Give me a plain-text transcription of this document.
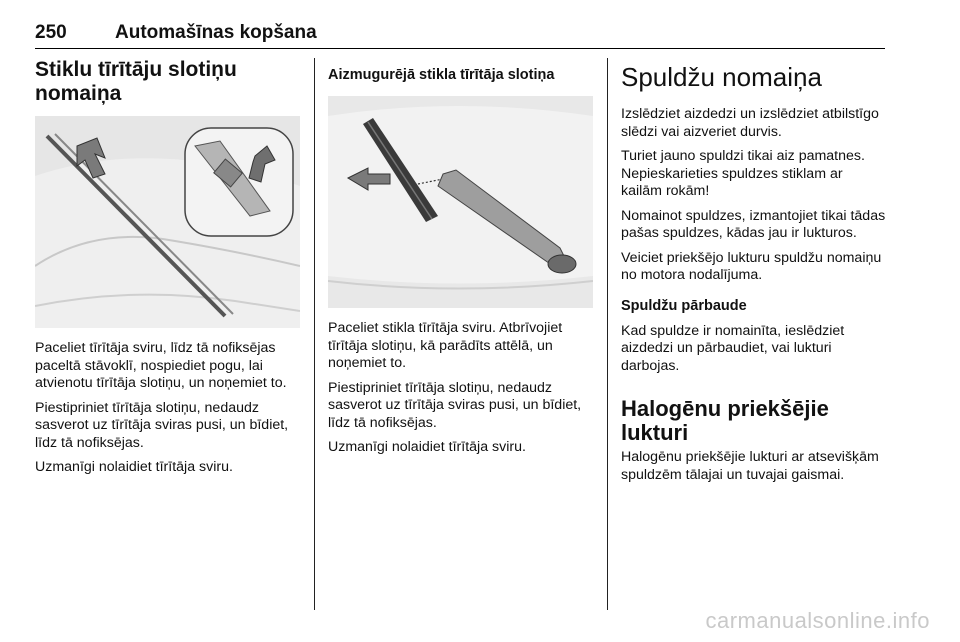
250	Automašīnas kopšana
Stiklu tīrītāju slotiņu nomaiņa

Paceliet tīrītāja sviru, līdz tā nofiksējas paceltā stāvoklī, nospiediet pogu, lai atvienotu tīrītāja slotiņu, un noņemiet to.

Piestipriniet tīrītāja slotiņu, nedaudz sasverot uz tīrītāja sviras pusi, un bīdiet, līdz tā nofiksējas.

Uzmanīgi nolaidiet tīrītāja sviru.

Aizmugurējā stikla tīrītāja slotiņa

Paceliet stikla tīrītāja sviru. Atbrīvojiet tīrītāja slotiņu, kā parādīts attēlā, un noņemiet to.

Piestipriniet tīrītāja slotiņu, nedaudz sasverot uz tīrītāja sviras pusi, un bīdiet, līdz tā nofiksējas.

Uzmanīgi nolaidiet tīrītāja sviru.

Spuldžu nomaiņa

Izslēdziet aizdedzi un izslēdziet atbilstīgo slēdzi vai aizveriet durvis.

Turiet jauno spuldzi tikai aiz pamatnes. Nepieskarieties spuldzes stiklam ar kailām rokām!

Nomainot spuldzes, izmantojiet tikai tādas pašas spuldzes, kādas jau ir lukturos.

Veiciet priekšējo lukturu spuldžu nomaiņu no motora nodalījuma.

Spuldžu pārbaude

Kad spuldze ir nomainīta, ieslēdziet aizdedzi un pārbaudiet, vai lukturi darbojas.

Halogēnu priekšējie lukturi

Halogēnu priekšējie lukturi ar atsevišķām spuldzēm tālajai un tuvajai gaismai.

carmanualsonline.info
